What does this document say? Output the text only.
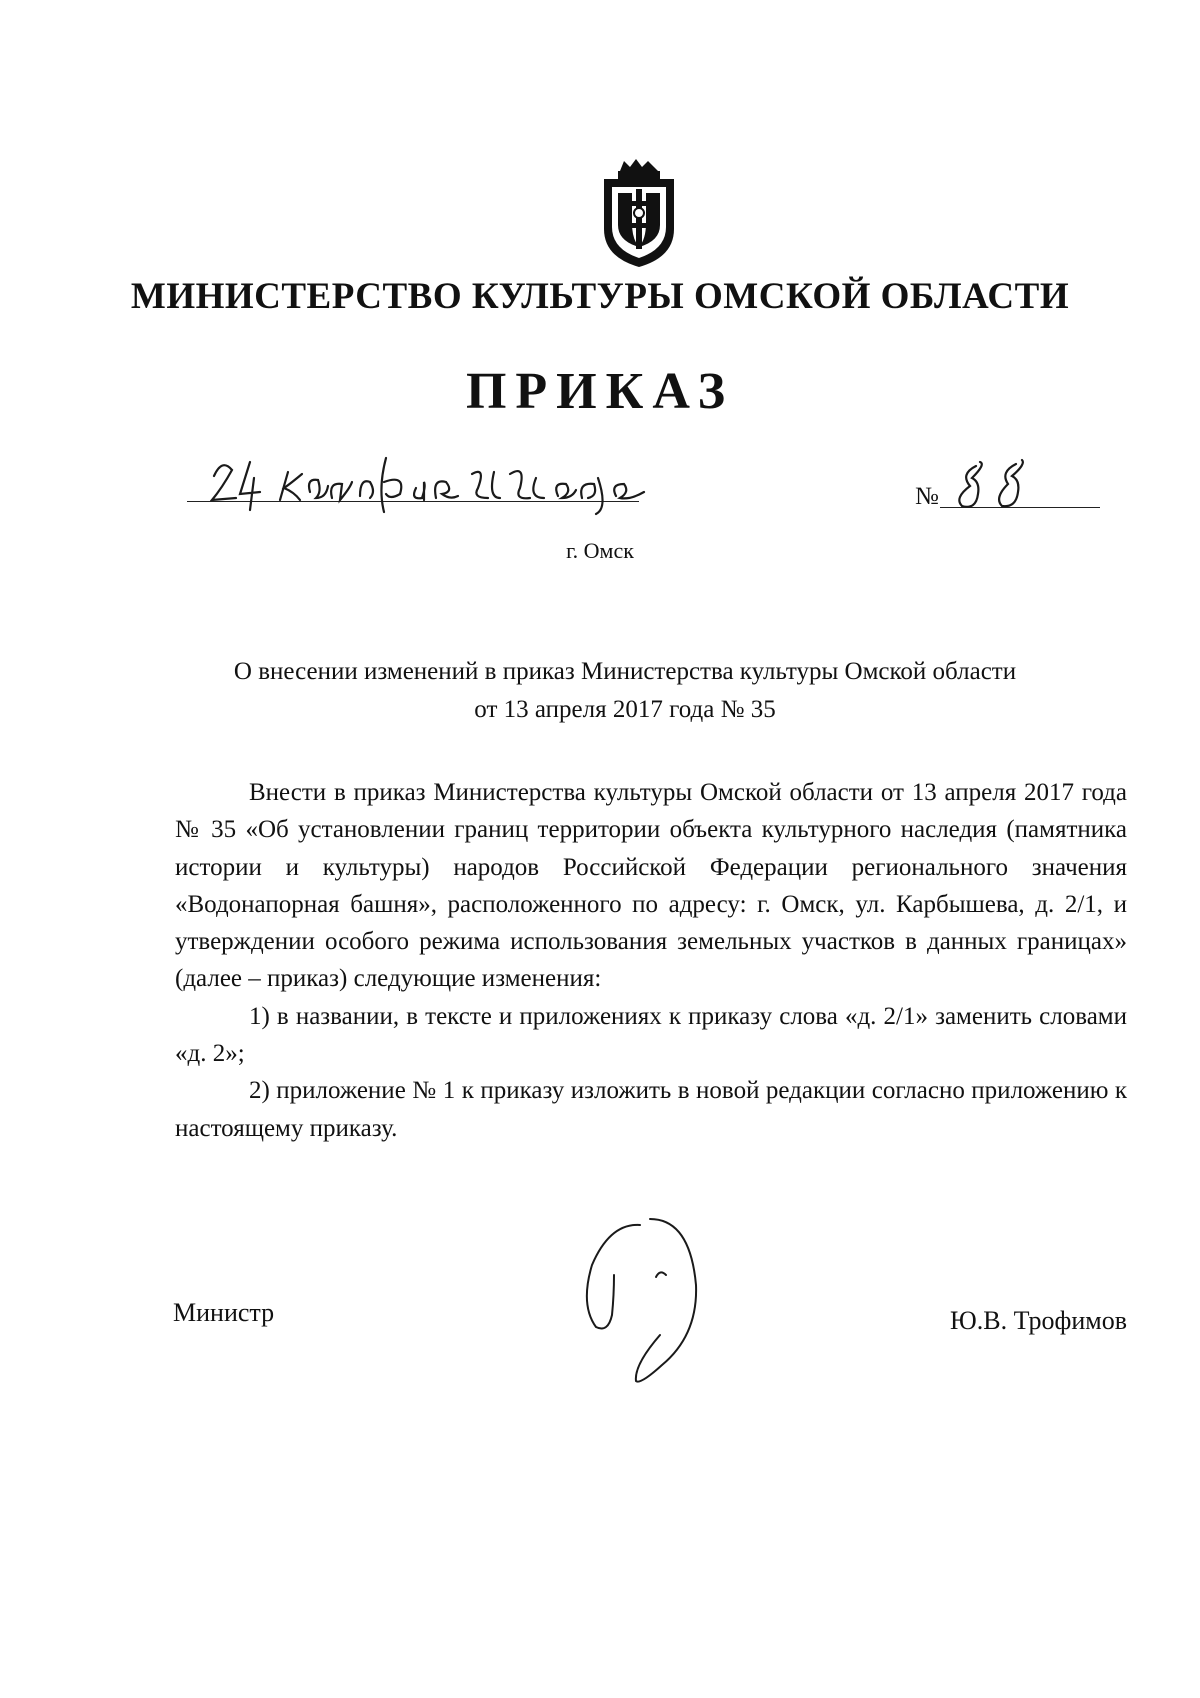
МИНИСТЕРСТВО КУЛЬТУРЫ ОМСКОЙ ОБЛАСТИ
ПРИКАЗ
№
г. Омск
О внесении изменений в приказ Министерства культуры Омской области
от 13 апреля 2017 года № 35

Внести в приказ Министерства культуры Омской области от 13 апреля 2017 года № 35 «Об установлении границ территории объекта культурного наследия (памятника истории и культуры) народов Российской Федерации регионального значения «Водонапорная башня», расположенного по адресу: г. Омск, ул. Карбышева, д. 2/1, и утверждении особого режима использования земельных участков в данных границах» (далее – приказ) следующие изменения:

1) в названии, в тексте и приложениях к приказу слова «д. 2/1» заменить словами «д. 2»;

2) приложение № 1 к приказу изложить в новой редакции согласно приложению к настоящему приказу.

Министр	Ю.В. Трофимов
